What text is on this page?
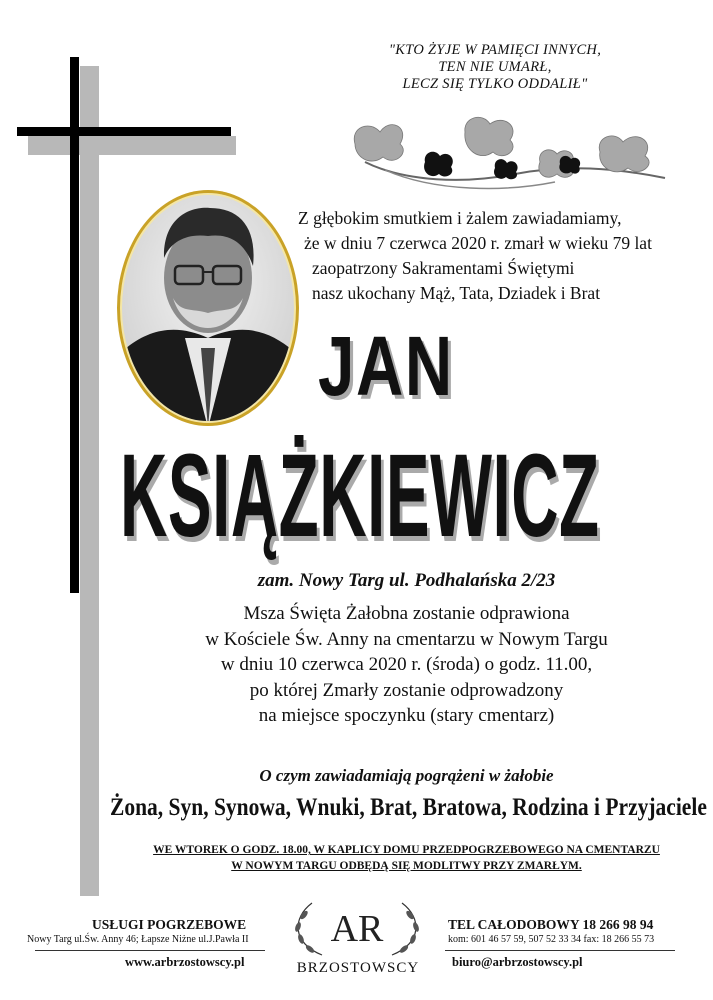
"KTO ŻYJE W PAMIĘCI INNYCH,
TEN NIE UMARŁ,
LECZ SIĘ TYLKO ODDALIŁ"
Z głębokim smutkiem i żalem zawiadamiamy,
że w dniu 7 czerwca 2020 r. zmarł w wieku 79 lat
zaopatrzony Sakramentami Świętymi
nasz ukochany Mąż, Tata, Dziadek i Brat
JAN
KSIĄŻKIEWICZ
zam. Nowy Targ ul. Podhalańska 2/23
Msza Święta Żałobna zostanie odprawiona
w Kościele Św. Anny na cmentarzu w Nowym Targu
w dniu 10 czerwca 2020 r. (środa) o godz. 11.00,
po której Zmarły zostanie odprowadzony
na miejsce spoczynku (stary cmentarz)
O czym zawiadamiają pogrążeni w żałobie
Żona, Syn, Synowa, Wnuki, Brat, Bratowa, Rodzina i Przyjaciele
WE WTOREK O GODZ. 18.00, W KAPLICY DOMU PRZEDPOGRZEBOWEGO NA CMENTARZU
W NOWYM TARGU ODBĘDĄ SIĘ MODLITWY PRZY ZMARŁYM.
USŁUGI POGRZEBOWE
Nowy Targ ul.Św. Anny 46; Łapsze Niżne ul.J.Pawła II
www.arbrzostowscy.pl
AR
BRZOSTOWSCY
TEL CAŁODOBOWY 18 266 98 94
kom: 601 46 57 59, 507 52 33 34 fax: 18 266 55 73
biuro@arbrzostowscy.pl
